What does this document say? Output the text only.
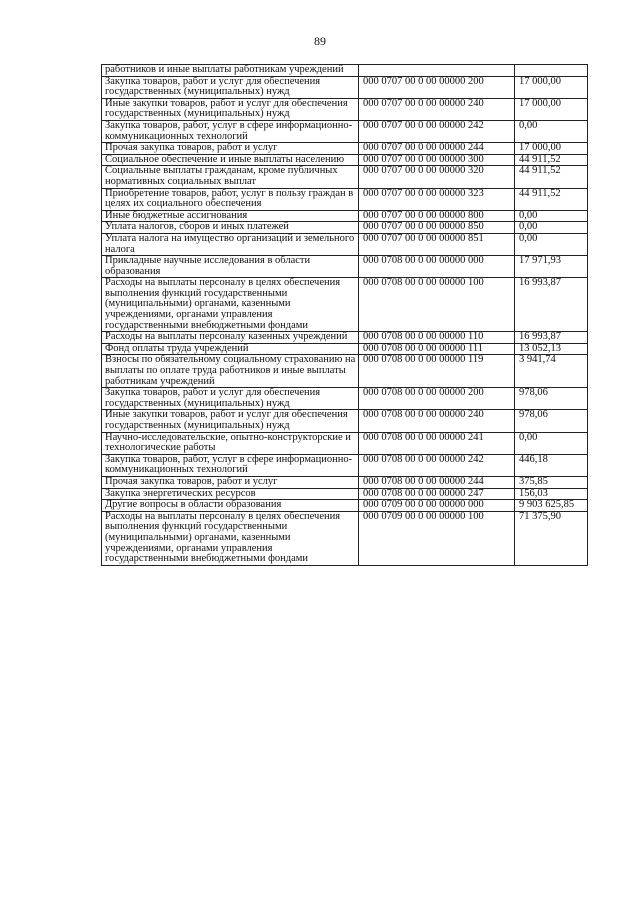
89
работников и иные выплаты работникам учреждений		
Закупка товаров, работ и услуг для обеспечения государственных (муниципальных) нужд	000 0707 00 0 00 00000 200	17 000,00
Иные закупки товаров, работ и услуг для обеспечения государственных (муниципальных) нужд	000 0707 00 0 00 00000 240	17 000,00
Закупка товаров, работ, услуг в сфере информационно-коммуникационных технологий	000 0707 00 0 00 00000 242	0,00
Прочая закупка товаров, работ и услуг	000 0707 00 0 00 00000 244	17 000,00
Социальное обеспечение и иные выплаты населению	000 0707 00 0 00 00000 300	44 911,52
Социальные выплаты гражданам, кроме публичных нормативных социальных выплат	000 0707 00 0 00 00000 320	44 911,52
Приобретение товаров, работ, услуг в пользу граждан в целях их социального обеспечения	000 0707 00 0 00 00000 323	44 911,52
Иные бюджетные ассигнования	000 0707 00 0 00 00000 800	0,00
Уплата налогов, сборов и иных платежей	000 0707 00 0 00 00000 850	0,00
Уплата налога на имущество организаций и земельного налога	000 0707 00 0 00 00000 851	0,00
Прикладные научные исследования в области образования	000 0708 00 0 00 00000 000	17 971,93
Расходы на выплаты персоналу в целях обеспечения выполнения функций государственными (муниципальными) органами, казенными учреждениями, органами управления государственными внебюджетными фондами	000 0708 00 0 00 00000 100	16 993,87
Расходы на выплаты персоналу казенных учреждений	000 0708 00 0 00 00000 110	16 993,87
Фонд оплаты труда учреждений	000 0708 00 0 00 00000 111	13 052,13
Взносы по обязательному социальному страхованию на выплаты по оплате труда работников и иные выплаты работникам учреждений	000 0708 00 0 00 00000 119	3 941,74
Закупка товаров, работ и услуг для обеспечения государственных (муниципальных) нужд	000 0708 00 0 00 00000 200	978,06
Иные закупки товаров, работ и услуг для обеспечения государственных (муниципальных) нужд	000 0708 00 0 00 00000 240	978,06
Научно-исследовательские, опытно-конструкторские и технологические работы	000 0708 00 0 00 00000 241	0,00
Закупка товаров, работ, услуг в сфере информационно-коммуникационных технологий	000 0708 00 0 00 00000 242	446,18
Прочая закупка товаров, работ и услуг	000 0708 00 0 00 00000 244	375,85
Закупка энергетических ресурсов	000 0708 00 0 00 00000 247	156,03
Другие вопросы в области образования	000 0709 00 0 00 00000 000	9 903 625,85
Расходы на выплаты персоналу в целях обеспечения выполнения функций государственными (муниципальными) органами, казенными учреждениями, органами управления государственными внебюджетными фондами	000 0709 00 0 00 00000 100	71 375,90
